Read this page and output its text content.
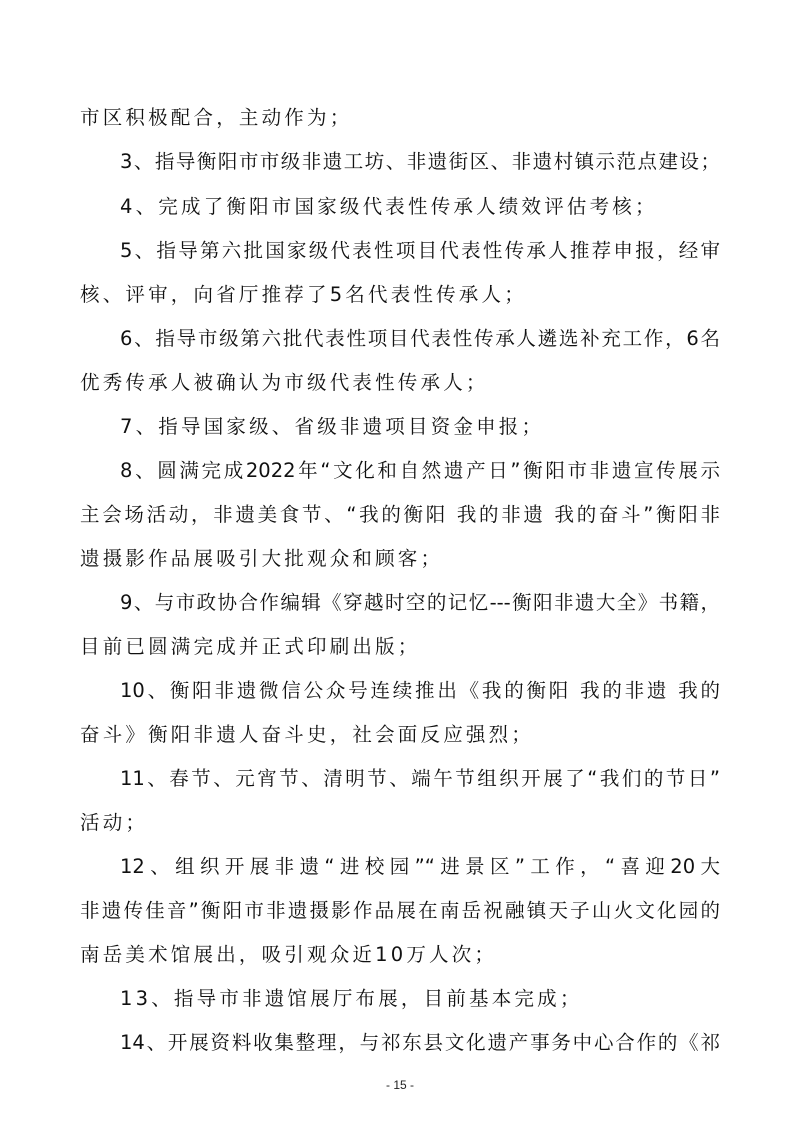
市区积极配合，主动作为；
3、指导衡阳市市级非遗工坊、非遗街区、非遗村镇示范点建设；
4、完成了衡阳市国家级代表性传承人绩效评估考核；
5、指导第六批国家级代表性项目代表性传承人推荐申报，经审
核、评审，向省厅推荐了5名代表性传承人；
6、指导市级第六批代表性项目代表性传承人遴选补充工作，6名
优秀传承人被确认为市级代表性传承人；
7、指导国家级、省级非遗项目资金申报；
8、圆满完成2022年“文化和自然遗产日”衡阳市非遗宣传展示
主会场活动，非遗美食节、“我的衡阳 我的非遗 我的奋斗”衡阳非
遗摄影作品展吸引大批观众和顾客；
9、与市政协合作编辑《穿越时空的记忆---衡阳非遗大全》书籍，
目前已圆满完成并正式印刷出版；
10、衡阳非遗微信公众号连续推出《我的衡阳 我的非遗 我的
奋斗》衡阳非遗人奋斗史，社会面反应强烈；
11、春节、元宵节、清明节、端午节组织开展了“我们的节日”
活动；
12、组织开展非遗“进校园”“进景区”工作，“喜迎20大
非遗传佳音”衡阳市非遗摄影作品展在南岳祝融镇天子山火文化园的
南岳美术馆展出，吸引观众近10万人次；
13、指导市非遗馆展厅布展，目前基本完成；
14、开展资料收集整理，与祁东县文化遗产事务中心合作的《祁
- 15 -
